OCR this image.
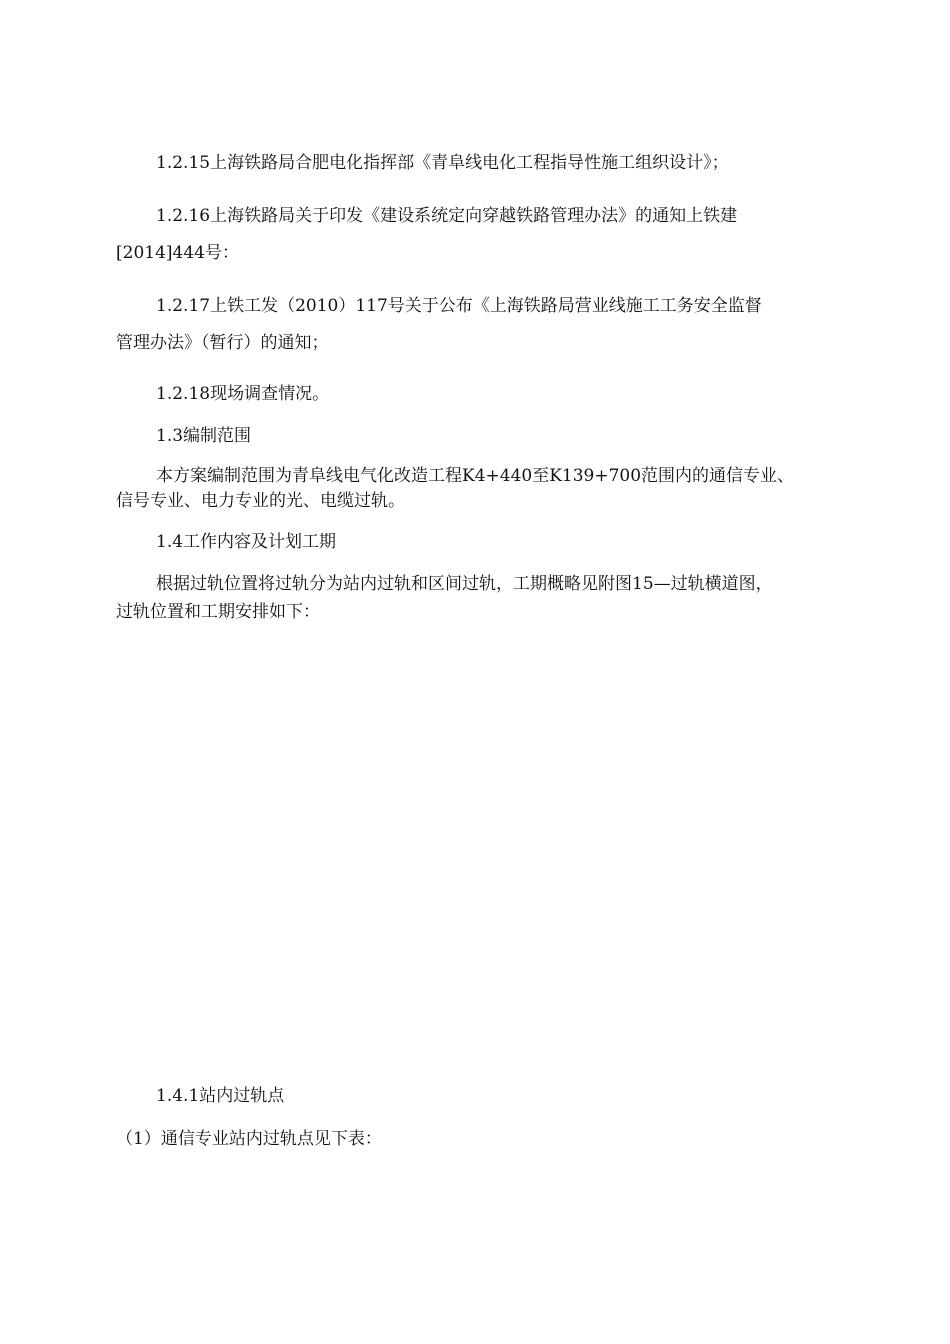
1.2.15上海铁路局合肥电化指挥部《青阜线电化工程指导性施工组织设计》；
1.2.16上海铁路局关于印发《建设系统定向穿越铁路管理办法》的通知上铁建
[2014]444号：
1.2.17上铁工发（2010）117号关于公布《上海铁路局营业线施工工务安全监督
管理办法》（暂行）的通知；
1.2.18现场调查情况。
1.3编制范围
本方案编制范围为青阜线电气化改造工程K4+440至K139+700范围内的通信专业、
信号专业、电力专业的光、电缆过轨。
1.4工作内容及计划工期
根据过轨位置将过轨分为站内过轨和区间过轨，工期概略见附图15—过轨横道图，
过轨位置和工期安排如下：
1.4.1站内过轨点
（1）通信专业站内过轨点见下表：
